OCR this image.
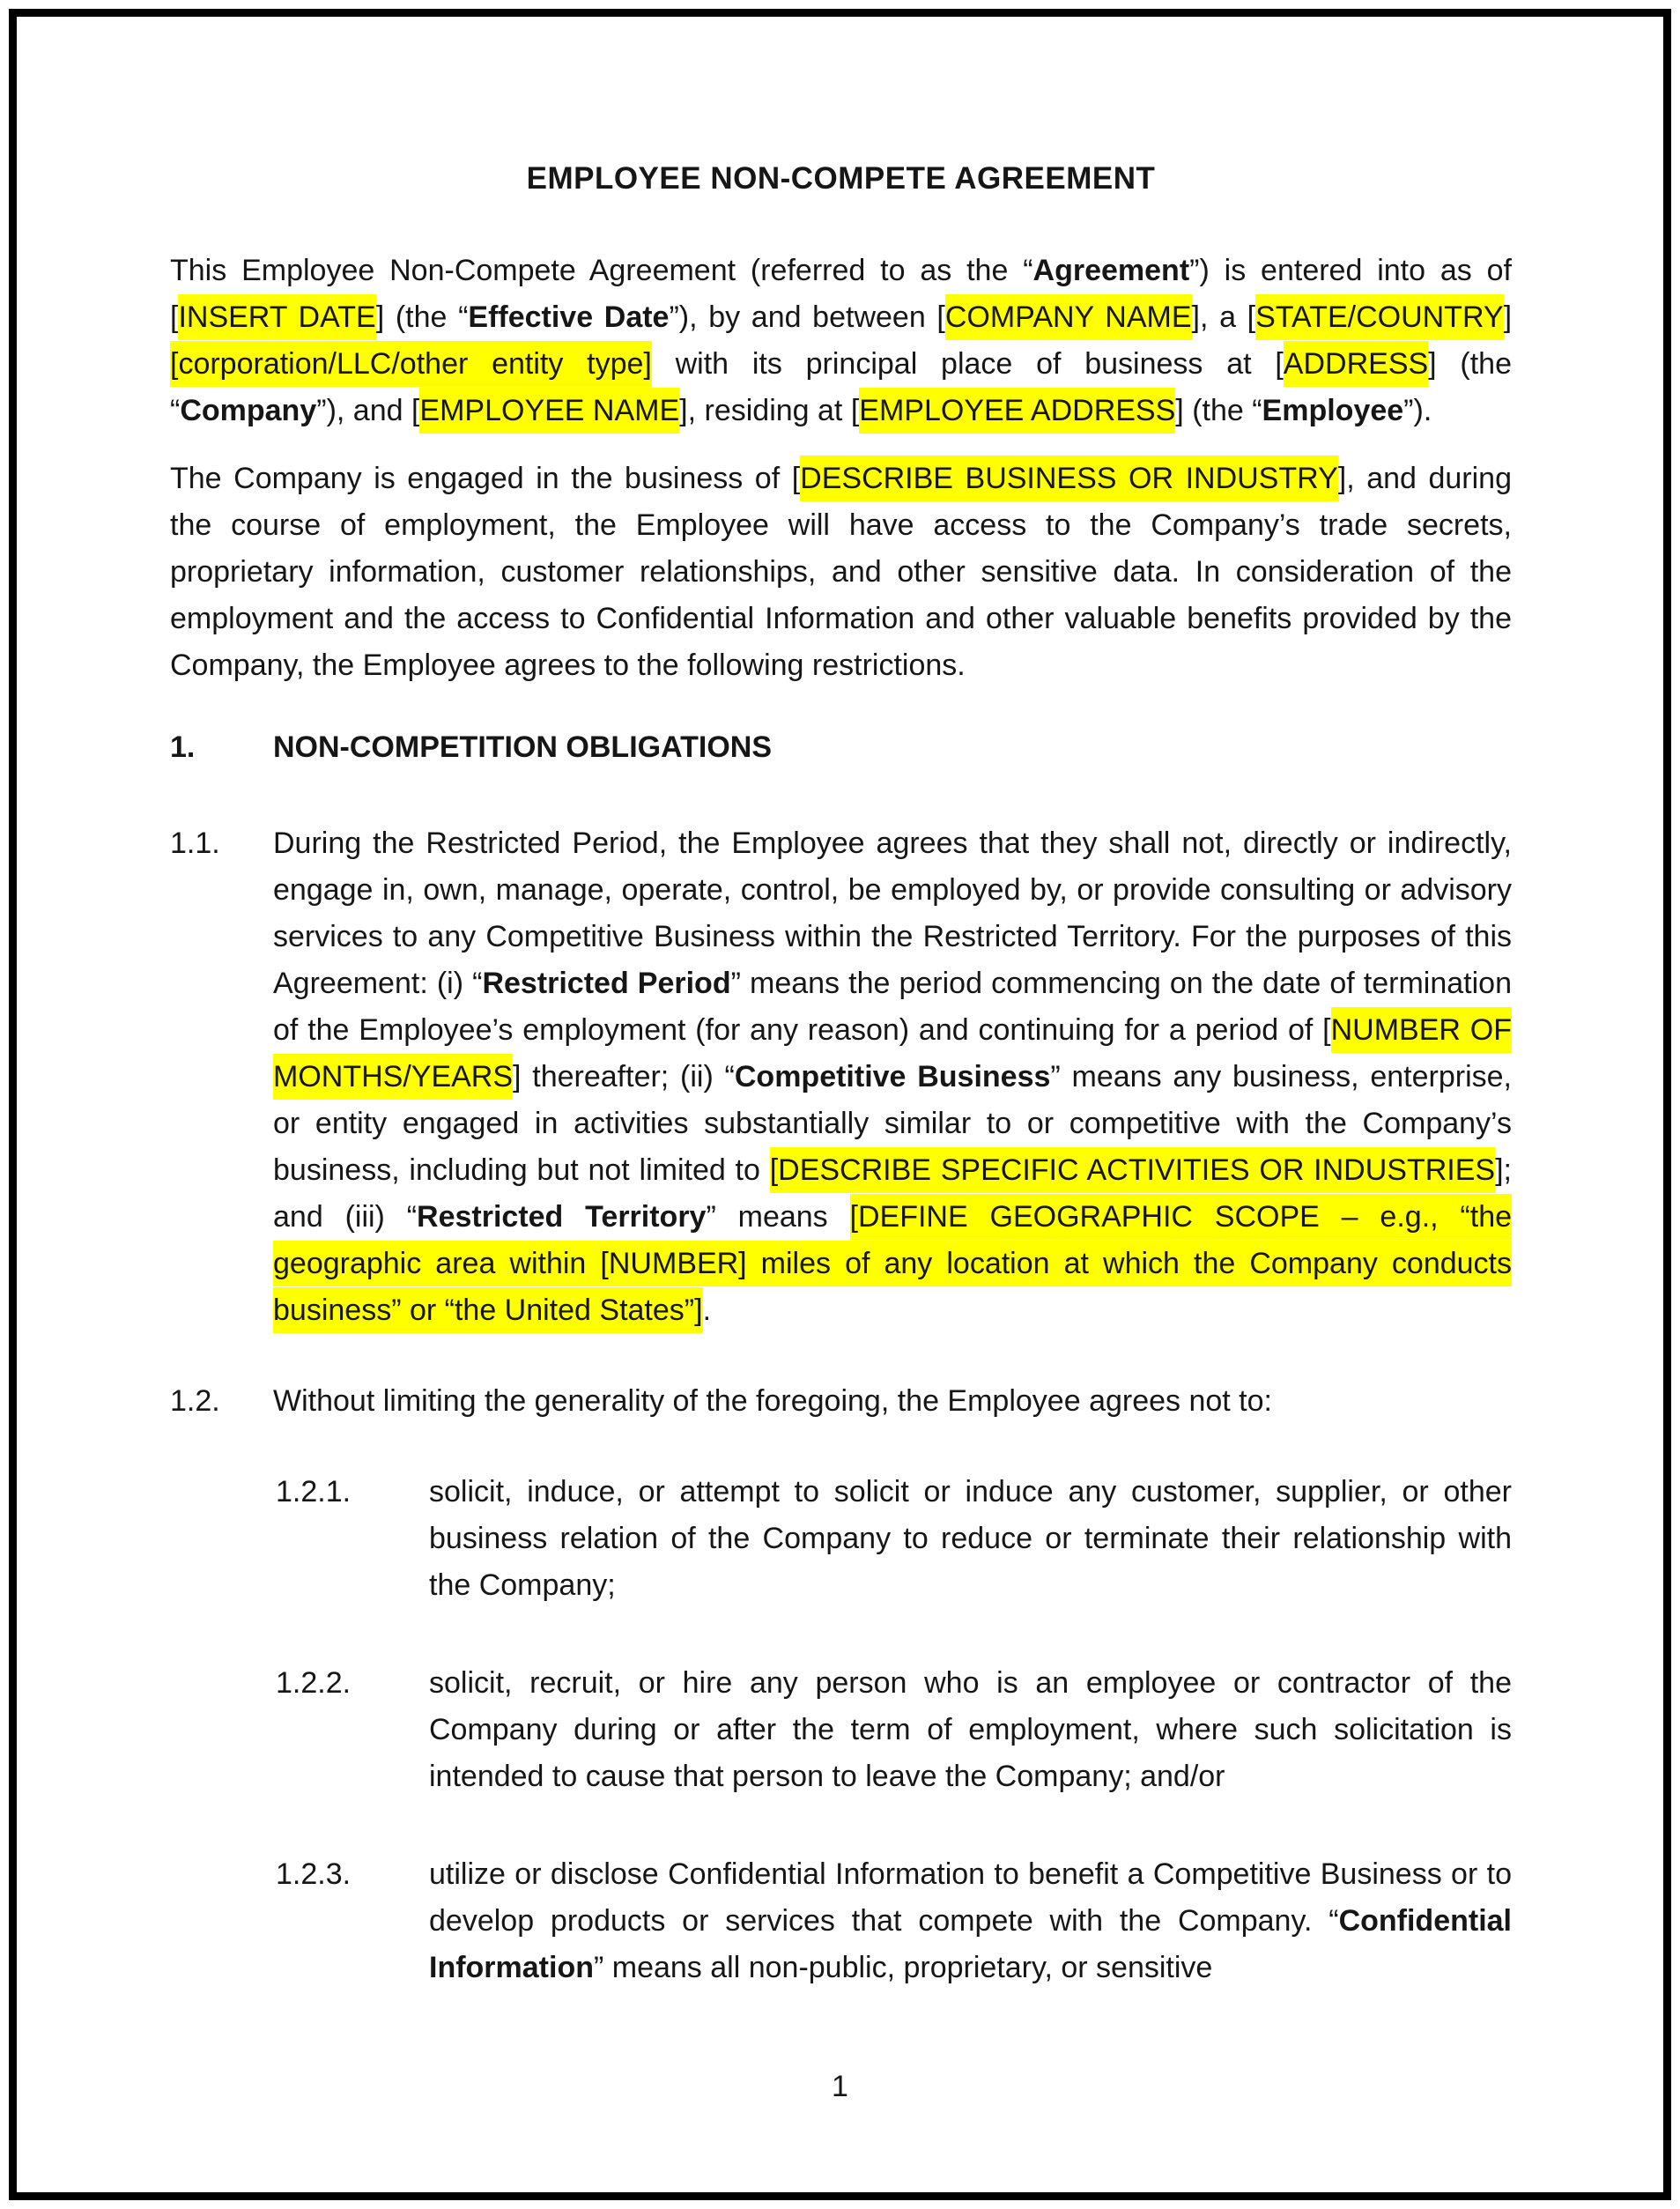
EMPLOYEE NON-COMPETE AGREEMENT
This Employee Non-Compete Agreement (referred to as the “Agreement”) is entered into as of [INSERT DATE] (the “Effective Date”), by and between [COMPANY NAME], a [STATE/COUNTRY] [corporation/LLC/other entity type] with its principal place of business at [ADDRESS] (the “Company”), and [EMPLOYEE NAME], residing at [EMPLOYEE ADDRESS] (the “Employee”).
The Company is engaged in the business of [DESCRIBE BUSINESS OR INDUSTRY], and during the course of employment, the Employee will have access to the Company’s trade secrets, proprietary information, customer relationships, and other sensitive data. In consideration of the employment and the access to Confidential Information and other valuable benefits provided by the Company, the Employee agrees to the following restrictions.
1.	NON-COMPETITION OBLIGATIONS
1.1.	During the Restricted Period, the Employee agrees that they shall not, directly or indirectly, engage in, own, manage, operate, control, be employed by, or provide consulting or advisory services to any Competitive Business within the Restricted Territory. For the purposes of this Agreement: (i) “Restricted Period” means the period commencing on the date of termination of the Employee’s employment (for any reason) and continuing for a period of [NUMBER OF MONTHS/YEARS] thereafter; (ii) “Competitive Business” means any business, enterprise, or entity engaged in activities substantially similar to or competitive with the Company’s business, including but not limited to [DESCRIBE SPECIFIC ACTIVITIES OR INDUSTRIES]; and (iii) “Restricted Territory” means [DEFINE GEOGRAPHIC SCOPE – e.g., “the geographic area within [NUMBER] miles of any location at which the Company conducts business” or “the United States”].
1.2.	Without limiting the generality of the foregoing, the Employee agrees not to:
1.2.1.	solicit, induce, or attempt to solicit or induce any customer, supplier, or other business relation of the Company to reduce or terminate their relationship with the Company;
1.2.2.	solicit, recruit, or hire any person who is an employee or contractor of the Company during or after the term of employment, where such solicitation is intended to cause that person to leave the Company; and/or
1.2.3.	utilize or disclose Confidential Information to benefit a Competitive Business or to develop products or services that compete with the Company. “Confidential Information” means all non-public, proprietary, or sensitive
1
